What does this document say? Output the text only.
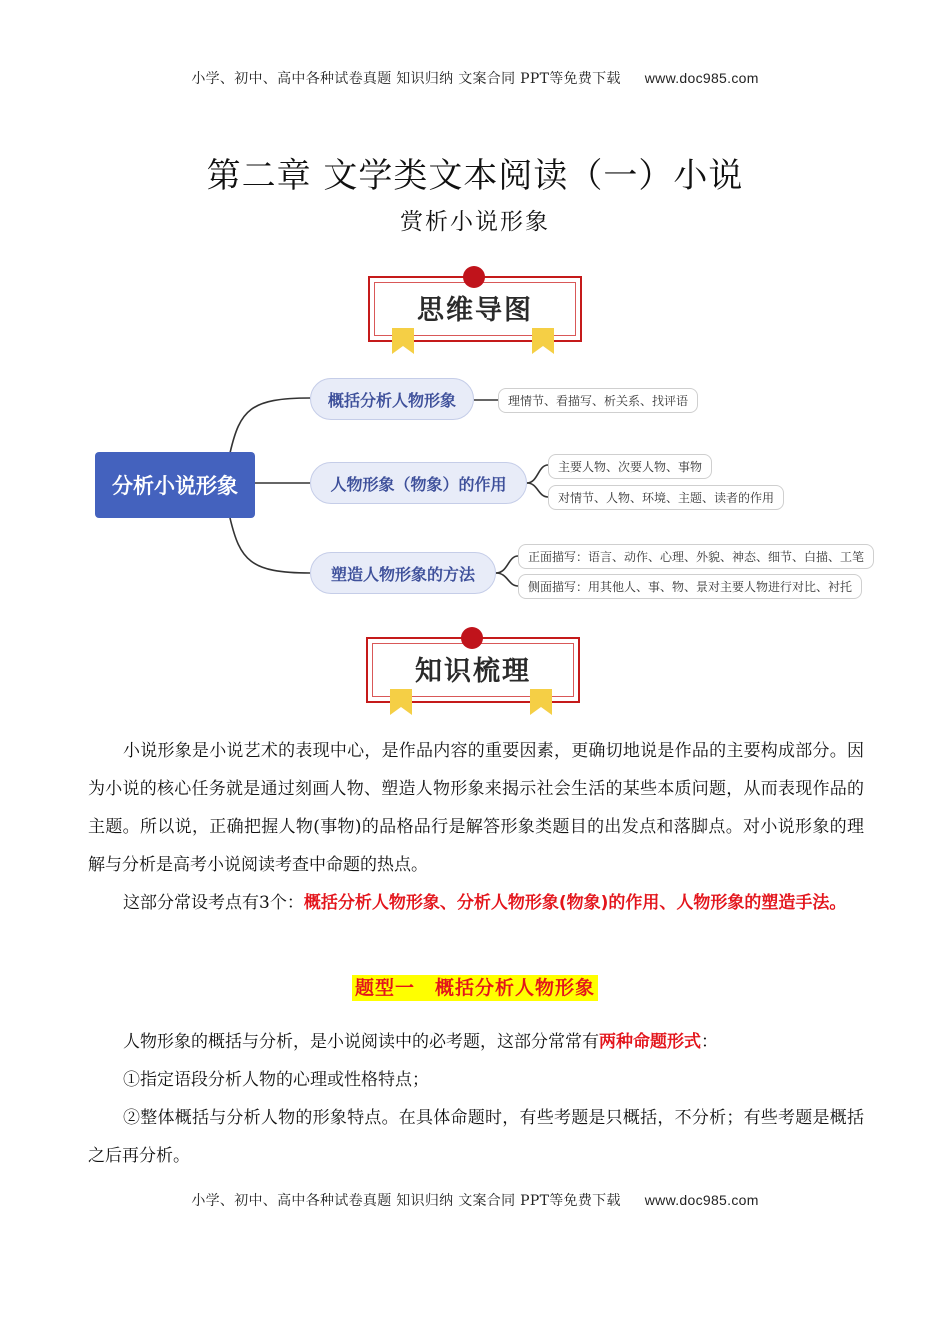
小学、初中、高中各种试卷真题 知识归纳 文案合同 PPT等免费下载 www.doc985.com
第二章 文学类文本阅读（一）小说
赏析小说形象
思维导图
分析小说形象
概括分析人物形象	理情节、看描写、析关系、找评语
人物形象（物象）的作用
主要人物、次要人物、事物
对情节、人物、环境、主题、读者的作用
塑造人物形象的方法
正面描写：语言、动作、心理、外貌、神态、细节、白描、工笔
侧面描写：用其他人、事、物、景对主要人物进行对比、衬托
知识梳理

小说形象是小说艺术的表现中心，是作品内容的重要因素，更确切地说是作品的主要构成部分。因为小说的核心任务就是通过刻画人物、塑造人物形象来揭示社会生活的某些本质问题，从而表现作品的主题。所以说，正确把握人物(事物)的品格品行是解答形象类题目的出发点和落脚点。对小说形象的理解与分析是高考小说阅读考查中命题的热点。

这部分常设考点有3个：概括分析人物形象、分析人物形象(物象)的作用、人物形象的塑造手法。

题型一　概括分析人物形象

人物形象的概括与分析，是小说阅读中的必考题，这部分常常有两种命题形式：

①指定语段分析人物的心理或性格特点；

②整体概括与分析人物的形象特点。在具体命题时，有些考题是只概括，不分析；有些考题是概括之后再分析。

小学、初中、高中各种试卷真题 知识归纳 文案合同 PPT等免费下载 www.doc985.com
